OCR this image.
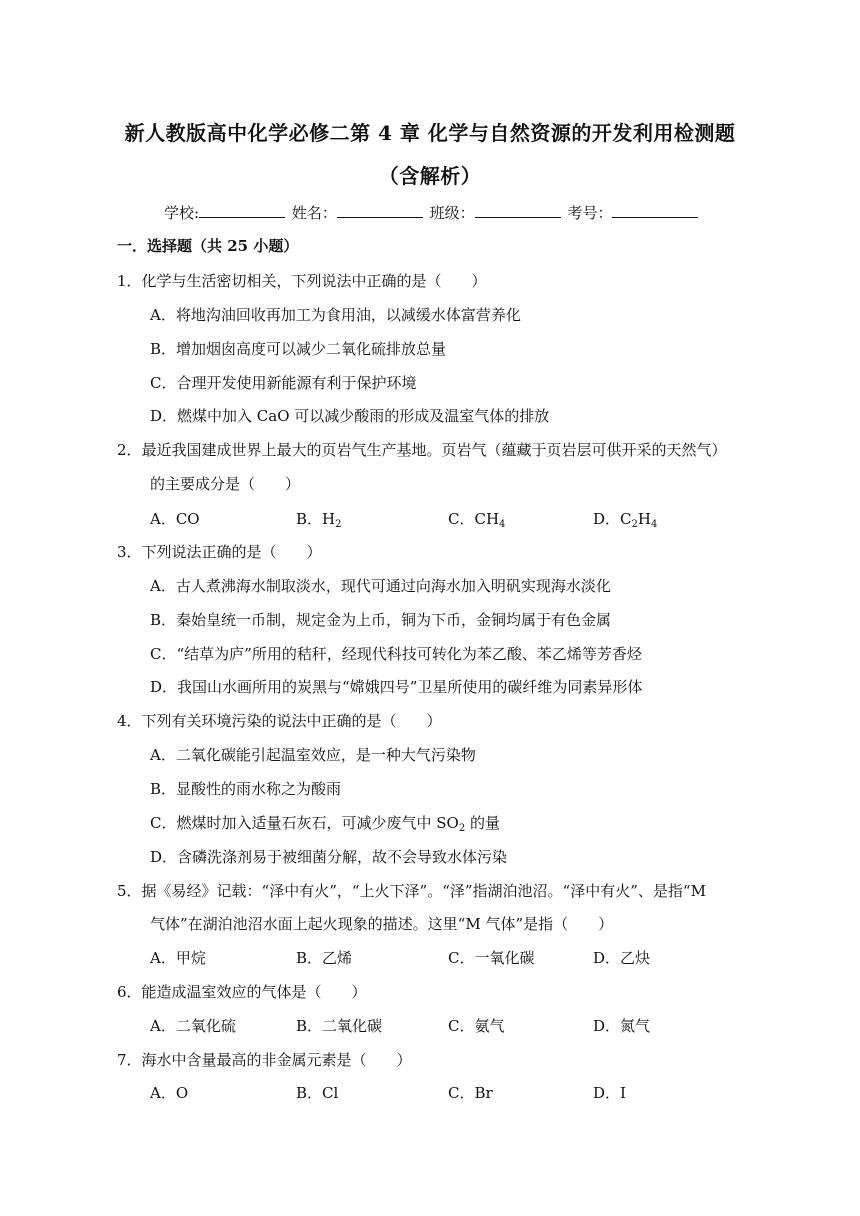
新人教版高中化学必修二第 4 章 化学与自然资源的开发利用检测题
（含解析）
学校:	姓名：	班级：	考号：
一．选择题（共 25 小题）
1．化学与生活密切相关，下列说法中正确的是（　　）
A．将地沟油回收再加工为食用油，以减缓水体富营养化
B．增加烟囱高度可以减少二氧化硫排放总量
C．合理开发使用新能源有利于保护环境
D．燃煤中加入 CaO 可以减少酸雨的形成及温室气体的排放
2．最近我国建成世界上最大的页岩气生产基地。页岩气（蕴藏于页岩层可供开采的天然气）
的主要成分是（　　）
A．CO	B．$H_2$	C．$CH_4$	D．$C_2H_4$
3．下列说法正确的是（　　）
A．古人煮沸海水制取淡水，现代可通过向海水加入明矾实现海水淡化
B．秦始皇统一币制，规定金为上币，铜为下币，金铜均属于有色金属
C．“结草为庐”所用的秸秆，经现代科技可转化为苯乙酸、苯乙烯等芳香烃
D．我国山水画所用的炭黑与“嫦娥四号”卫星所使用的碳纤维为同素异形体
4．下列有关环境污染的说法中正确的是（　　）
A．二氧化碳能引起温室效应，是一种大气污染物
B．显酸性的雨水称之为酸雨
C．燃煤时加入适量石灰石，可减少废气中 $SO_2$ 的量
D．含磷洗涤剂易于被细菌分解，故不会导致水体污染
5．据《易经》记载：“泽中有火”，“上火下泽”。“泽”指湖泊池沼。“泽中有火”、是指“M
气体”在湖泊池沼水面上起火现象的描述。这里“M 气体”是指（　　）
A．甲烷	B．乙烯	C．一氧化碳	D．乙炔
6．能造成温室效应的气体是（　　）
A．二氧化硫	B．二氧化碳	C．氨气	D．氮气
7．海水中含量最高的非金属元素是（　　）
A．O	B．Cl	C．Br	D．I
